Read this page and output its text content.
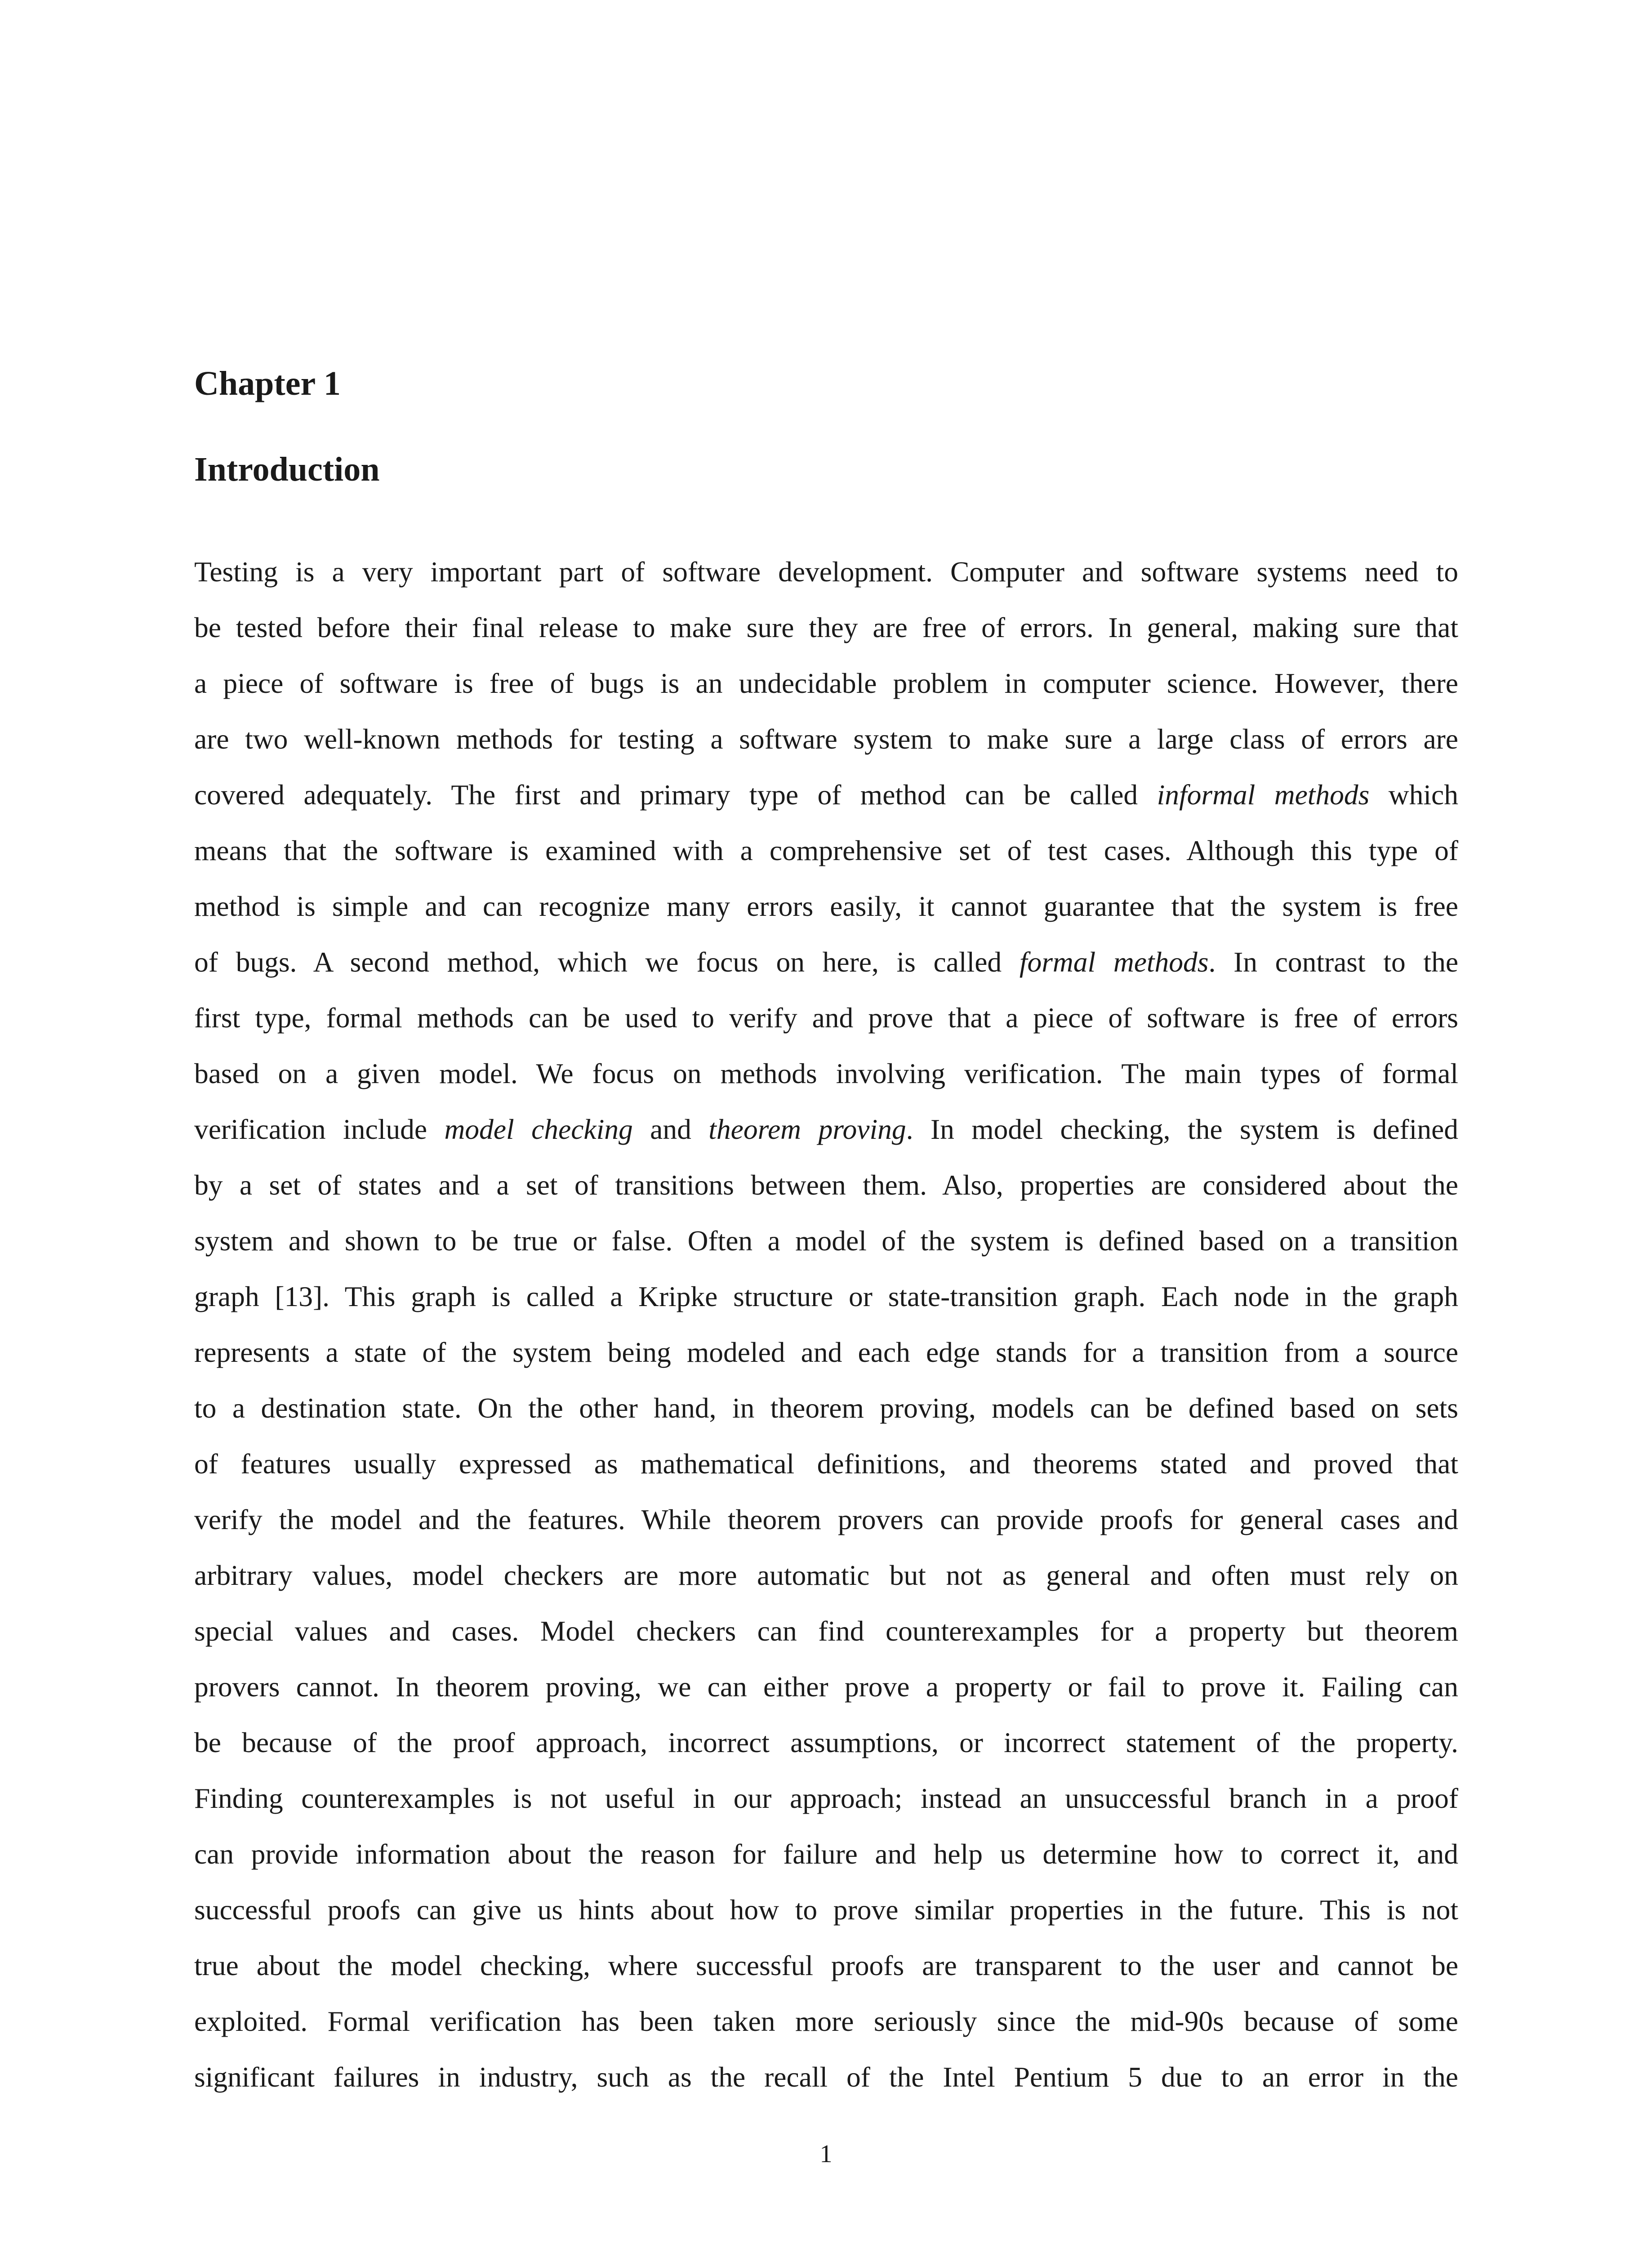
Chapter 1
Introduction
Testing is a very important part of software development. Computer and software systems need to
be tested before their final release to make sure they are free of errors. In general, making sure that
a piece of software is free of bugs is an undecidable problem in computer science. However, there
are two well-known methods for testing a software system to make sure a large class of errors are
covered adequately. The first and primary type of method can be called informal methods which
means that the software is examined with a comprehensive set of test cases. Although this type of
method is simple and can recognize many errors easily, it cannot guarantee that the system is free
of bugs. A second method, which we focus on here, is called formal methods. In contrast to the
first type, formal methods can be used to verify and prove that a piece of software is free of errors
based on a given model. We focus on methods involving verification. The main types of formal
verification include model checking and theorem proving. In model checking, the system is defined
by a set of states and a set of transitions between them. Also, properties are considered about the
system and shown to be true or false. Often a model of the system is defined based on a transition
graph [13]. This graph is called a Kripke structure or state-transition graph. Each node in the graph
represents a state of the system being modeled and each edge stands for a transition from a source
to a destination state. On the other hand, in theorem proving, models can be defined based on sets
of features usually expressed as mathematical definitions, and theorems stated and proved that
verify the model and the features. While theorem provers can provide proofs for general cases and
arbitrary values, model checkers are more automatic but not as general and often must rely on
special values and cases. Model checkers can find counterexamples for a property but theorem
provers cannot. In theorem proving, we can either prove a property or fail to prove it. Failing can
be because of the proof approach, incorrect assumptions, or incorrect statement of the property.
Finding counterexamples is not useful in our approach; instead an unsuccessful branch in a proof
can provide information about the reason for failure and help us determine how to correct it, and
successful proofs can give us hints about how to prove similar properties in the future. This is not
true about the model checking, where successful proofs are transparent to the user and cannot be
exploited. Formal verification has been taken more seriously since the mid-90s because of some
significant failures in industry, such as the recall of the Intel Pentium 5 due to an error in the
1
